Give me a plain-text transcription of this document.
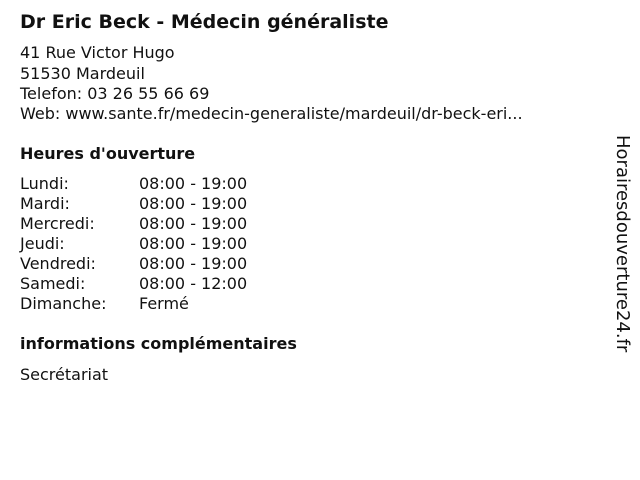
Dr Eric Beck - Médecin généraliste
41 Rue Victor Hugo
51530 Mardeuil
Telefon: 03 26 55 66 69
Web: www.sante.fr/medecin-generaliste/mardeuil/dr-beck-eri...
Heures d'ouverture
Lundi:	08:00 - 19:00
Mardi:	08:00 - 19:00
Mercredi:	08:00 - 19:00
Jeudi:	08:00 - 19:00
Vendredi:	08:00 - 19:00
Samedi:	08:00 - 12:00
Dimanche: Fermé
informations complémentaires
Secrétariat
Horairesdouverture24.fr
